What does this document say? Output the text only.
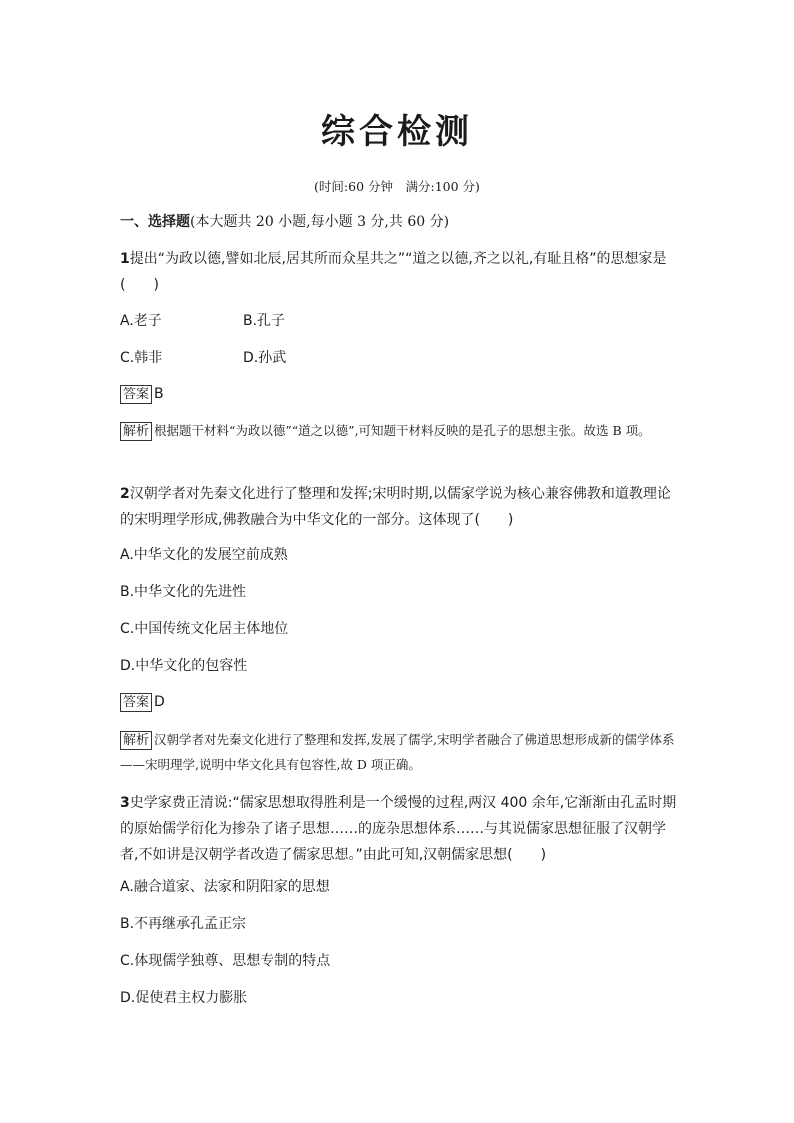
综合检测
(时间:60 分钟　满分:100 分)
一、选择题(本大题共 20 小题,每小题 3 分,共 60 分)
1提出“为政以德,譬如北辰,居其所而众星共之”“道之以德,齐之以礼,有耻且格”的思想家是(　　)
A.老子	B.孔子
C.韩非	D.孙武
答案 B
解析 根据题干材料“为政以德”“道之以德”,可知题干材料反映的是孔子的思想主张。故选 B 项。
2汉朝学者对先秦文化进行了整理和发挥;宋明时期,以儒家学说为核心兼容佛教和道教理论的宋明理学形成,佛教融合为中华文化的一部分。这体现了(　　)
A.中华文化的发展空前成熟
B.中华文化的先进性
C.中国传统文化居主体地位
D.中华文化的包容性
答案 D
解析 汉朝学者对先秦文化进行了整理和发挥,发展了儒学,宋明学者融合了佛道思想形成新的儒学体系——宋明理学,说明中华文化具有包容性,故 D 项正确。
3史学家费正清说:“儒家思想取得胜利是一个缓慢的过程,两汉 400 余年,它渐渐由孔孟时期的原始儒学衍化为掺杂了诸子思想……的庞杂思想体系……与其说儒家思想征服了汉朝学者,不如讲是汉朝学者改造了儒家思想。”由此可知,汉朝儒家思想(　　)
A.融合道家、法家和阴阳家的思想
B.不再继承孔孟正宗
C.体现儒学独尊、思想专制的特点
D.促使君主权力膨胀
